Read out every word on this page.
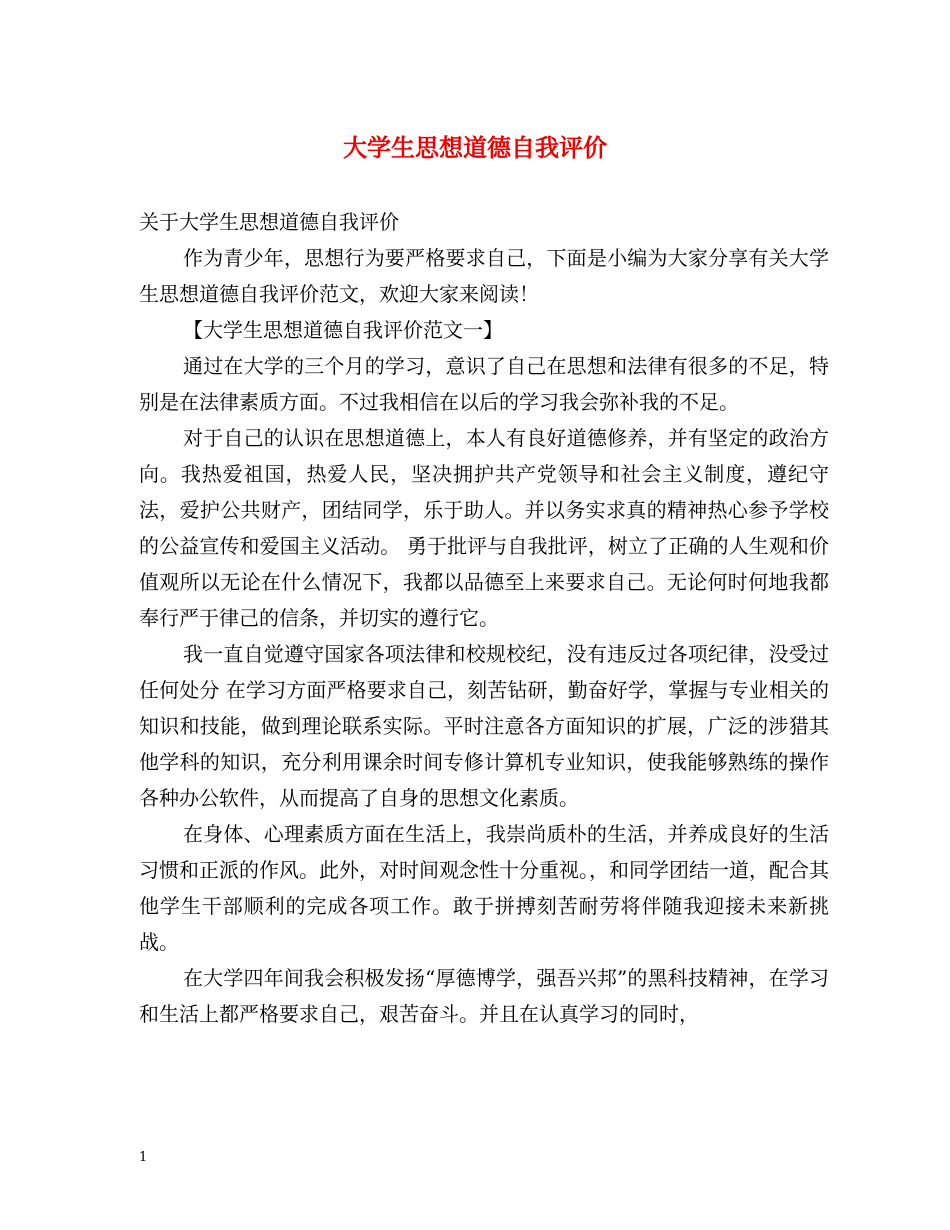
大学生思想道德自我评价

关于大学生思想道德自我评价

作为青少年，思想行为要严格要求自己，下面是小编为大家分享有关大学生思想道德自我评价范文，欢迎大家来阅读！

【大学生思想道德自我评价范文一】

通过在大学的三个月的学习，意识了自己在思想和法律有很多的不足，特别是在法律素质方面。不过我相信在以后的学习我会弥补我的不足。

对于自己的认识在思想道德上，本人有良好道德修养，并有坚定的政治方向。我热爱祖国，热爱人民，坚决拥护共产党领导和社会主义制度，遵纪守法，爱护公共财产，团结同学，乐于助人。并以务实求真的精神热心参予学校的公益宣传和爱国主义活动。 勇于批评与自我批评，树立了正确的人生观和价值观所以无论在什么情况下，我都以品德至上来要求自己。无论何时何地我都奉行严于律己的信条，并切实的遵行它。

我一直自觉遵守国家各项法律和校规校纪，没有违反过各项纪律，没受过任何处分 在学习方面严格要求自己，刻苦钻研，勤奋好学，掌握与专业相关的知识和技能，做到理论联系实际。平时注意各方面知识的扩展，广泛的涉猎其他学科的知识，充分利用课余时间专修计算机专业知识，使我能够熟练的操作各种办公软件，从而提高了自身的思想文化素质。

在身体、心理素质方面在生活上，我崇尚质朴的生活，并养成良好的生活习惯和正派的作风。此外，对时间观念性十分重视。，和同学团结一道，配合其他学生干部顺利的完成各项工作。敢于拼搏刻苦耐劳将伴随我迎接未来新挑战。

在大学四年间我会积极发扬“厚德博学，强吾兴邦”的黑科技精神，在学习和生活上都严格要求自己，艰苦奋斗。并且在认真学习的同时，

1
